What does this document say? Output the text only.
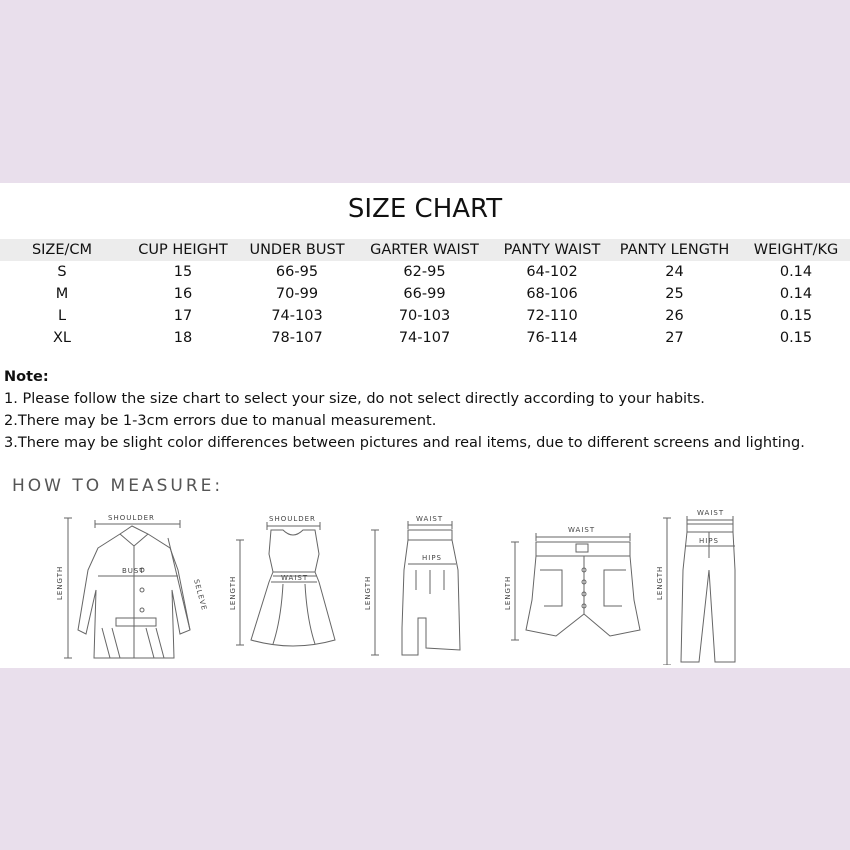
SIZE CHART
SIZE/CM	CUP HEIGHT	UNDER BUST	GARTER WAIST	PANTY WAIST	PANTY LENGTH	WEIGHT/KG
S	15	66-95	62-95	64-102	24	0.14
M	16	70-99	66-99	68-106	25	0.14
L	17	74-103	70-103	72-110	26	0.15
XL	18	78-107	74-107	76-114	27	0.15
Note:
1. Please follow the size chart to select your size, do not select directly according to your habits.
2.There may be 1-3cm errors due to manual measurement.
3.There may be slight color differences between pictures and real items, due to different screens and lighting.
HOW TO MEASURE:
SHOULDER
BUST
LENGTH	SELEVE
SHOULDER
WAIST
LENGTH
WAIST
HIPS
LENGTH
WAIST
LENGTH
WAIST
HIPS
LENGTH
